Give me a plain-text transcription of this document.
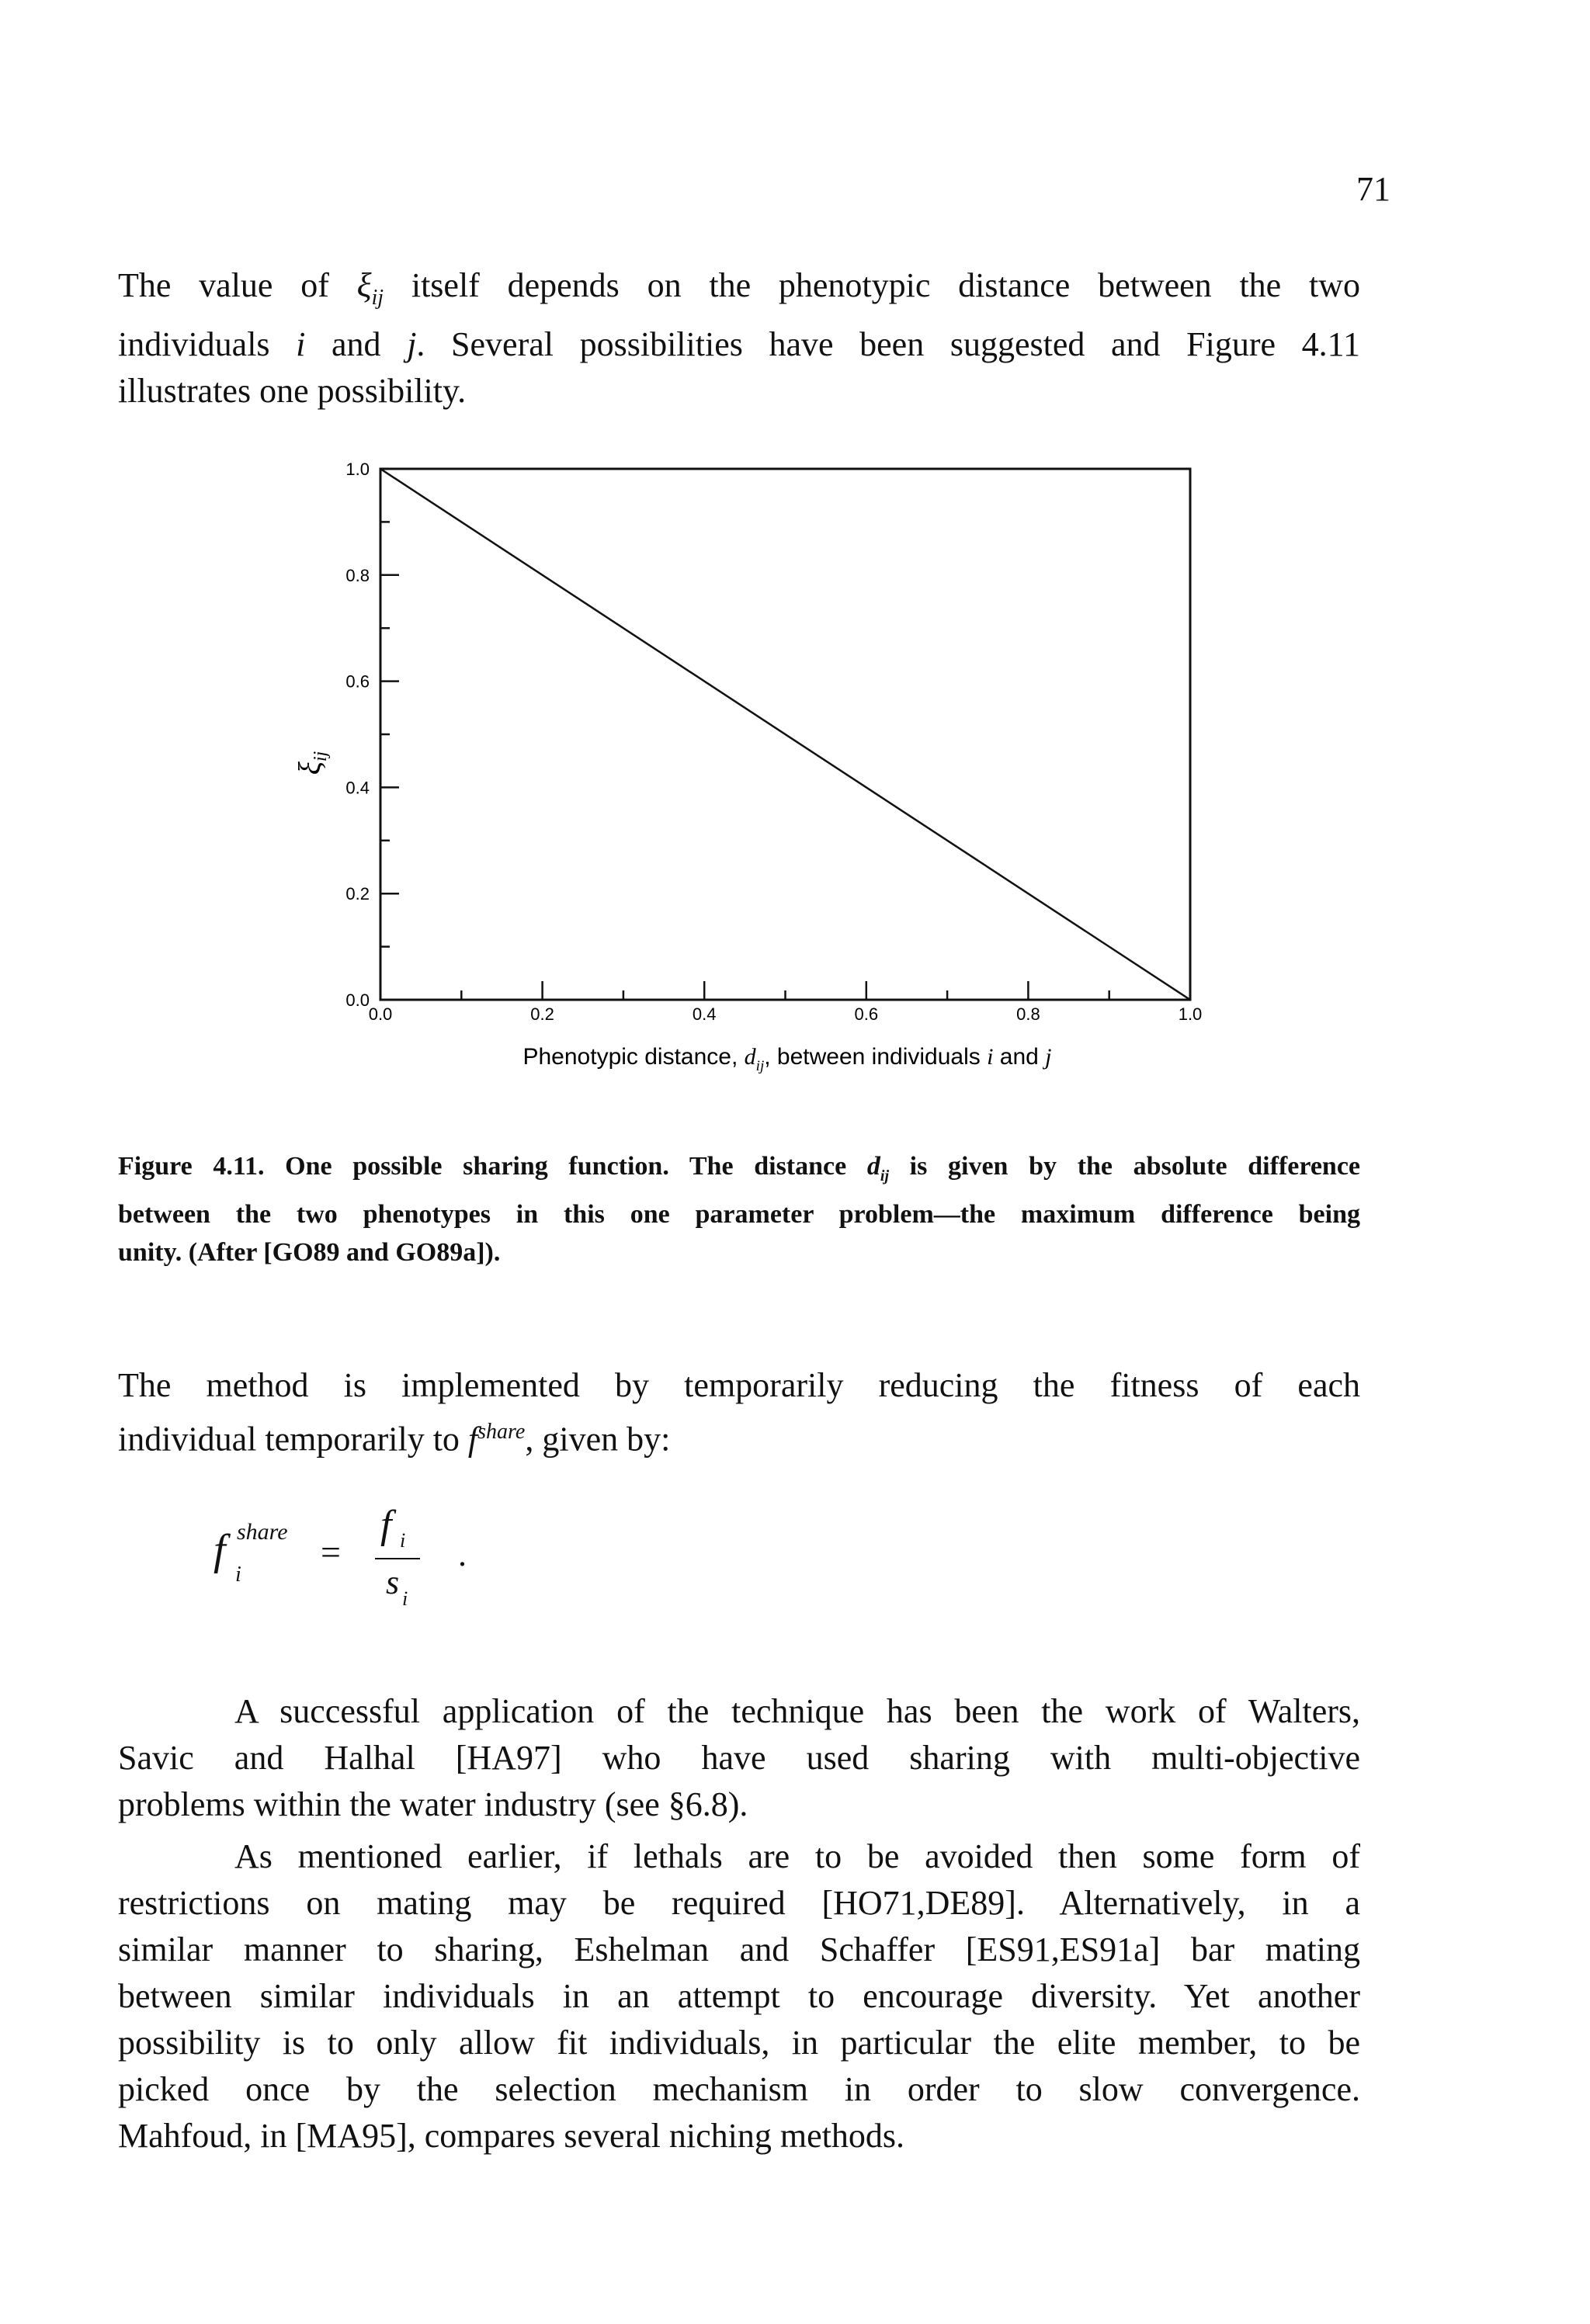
71

The value of $\xi_{ij}$ itself depends on the phenotypic distance between the two
individuals i and j. Several possibilities have been suggested and Figure 4.11
illustrates one possibility.

0.0	0.2	0.4	0.6	0.8	1.0
0.0
0.2
0.4
0.6
0.8
1.0
$\xi_{ij}$
Phenotypic distance, $d_{ij}$, between individuals i and j

Figure 4.11. One possible sharing function. The distance $d_{ij}$ is given by the absolute difference
between the two phenotypes in this one parameter problem—the maximum difference being
unity. (After [GO89 and GO89a]).

The method is implemented by temporarily reducing the fitness of each
individual temporarily to $f^{share}$, given by:

f share
i
=
f i
s i
.

A successful application of the technique has been the work of Walters,
Savic and Halhal [HA97] who have used sharing with multi-objective
problems within the water industry (see §6.8).

As mentioned earlier, if lethals are to be avoided then some form of
restrictions on mating may be required [HO71,DE89]. Alternatively, in a
similar manner to sharing, Eshelman and Schaffer [ES91,ES91a] bar mating
between similar individuals in an attempt to encourage diversity. Yet another
possibility is to only allow fit individuals, in particular the elite member, to be
picked once by the selection mechanism in order to slow convergence.
Mahfoud, in [MA95], compares several niching methods.
